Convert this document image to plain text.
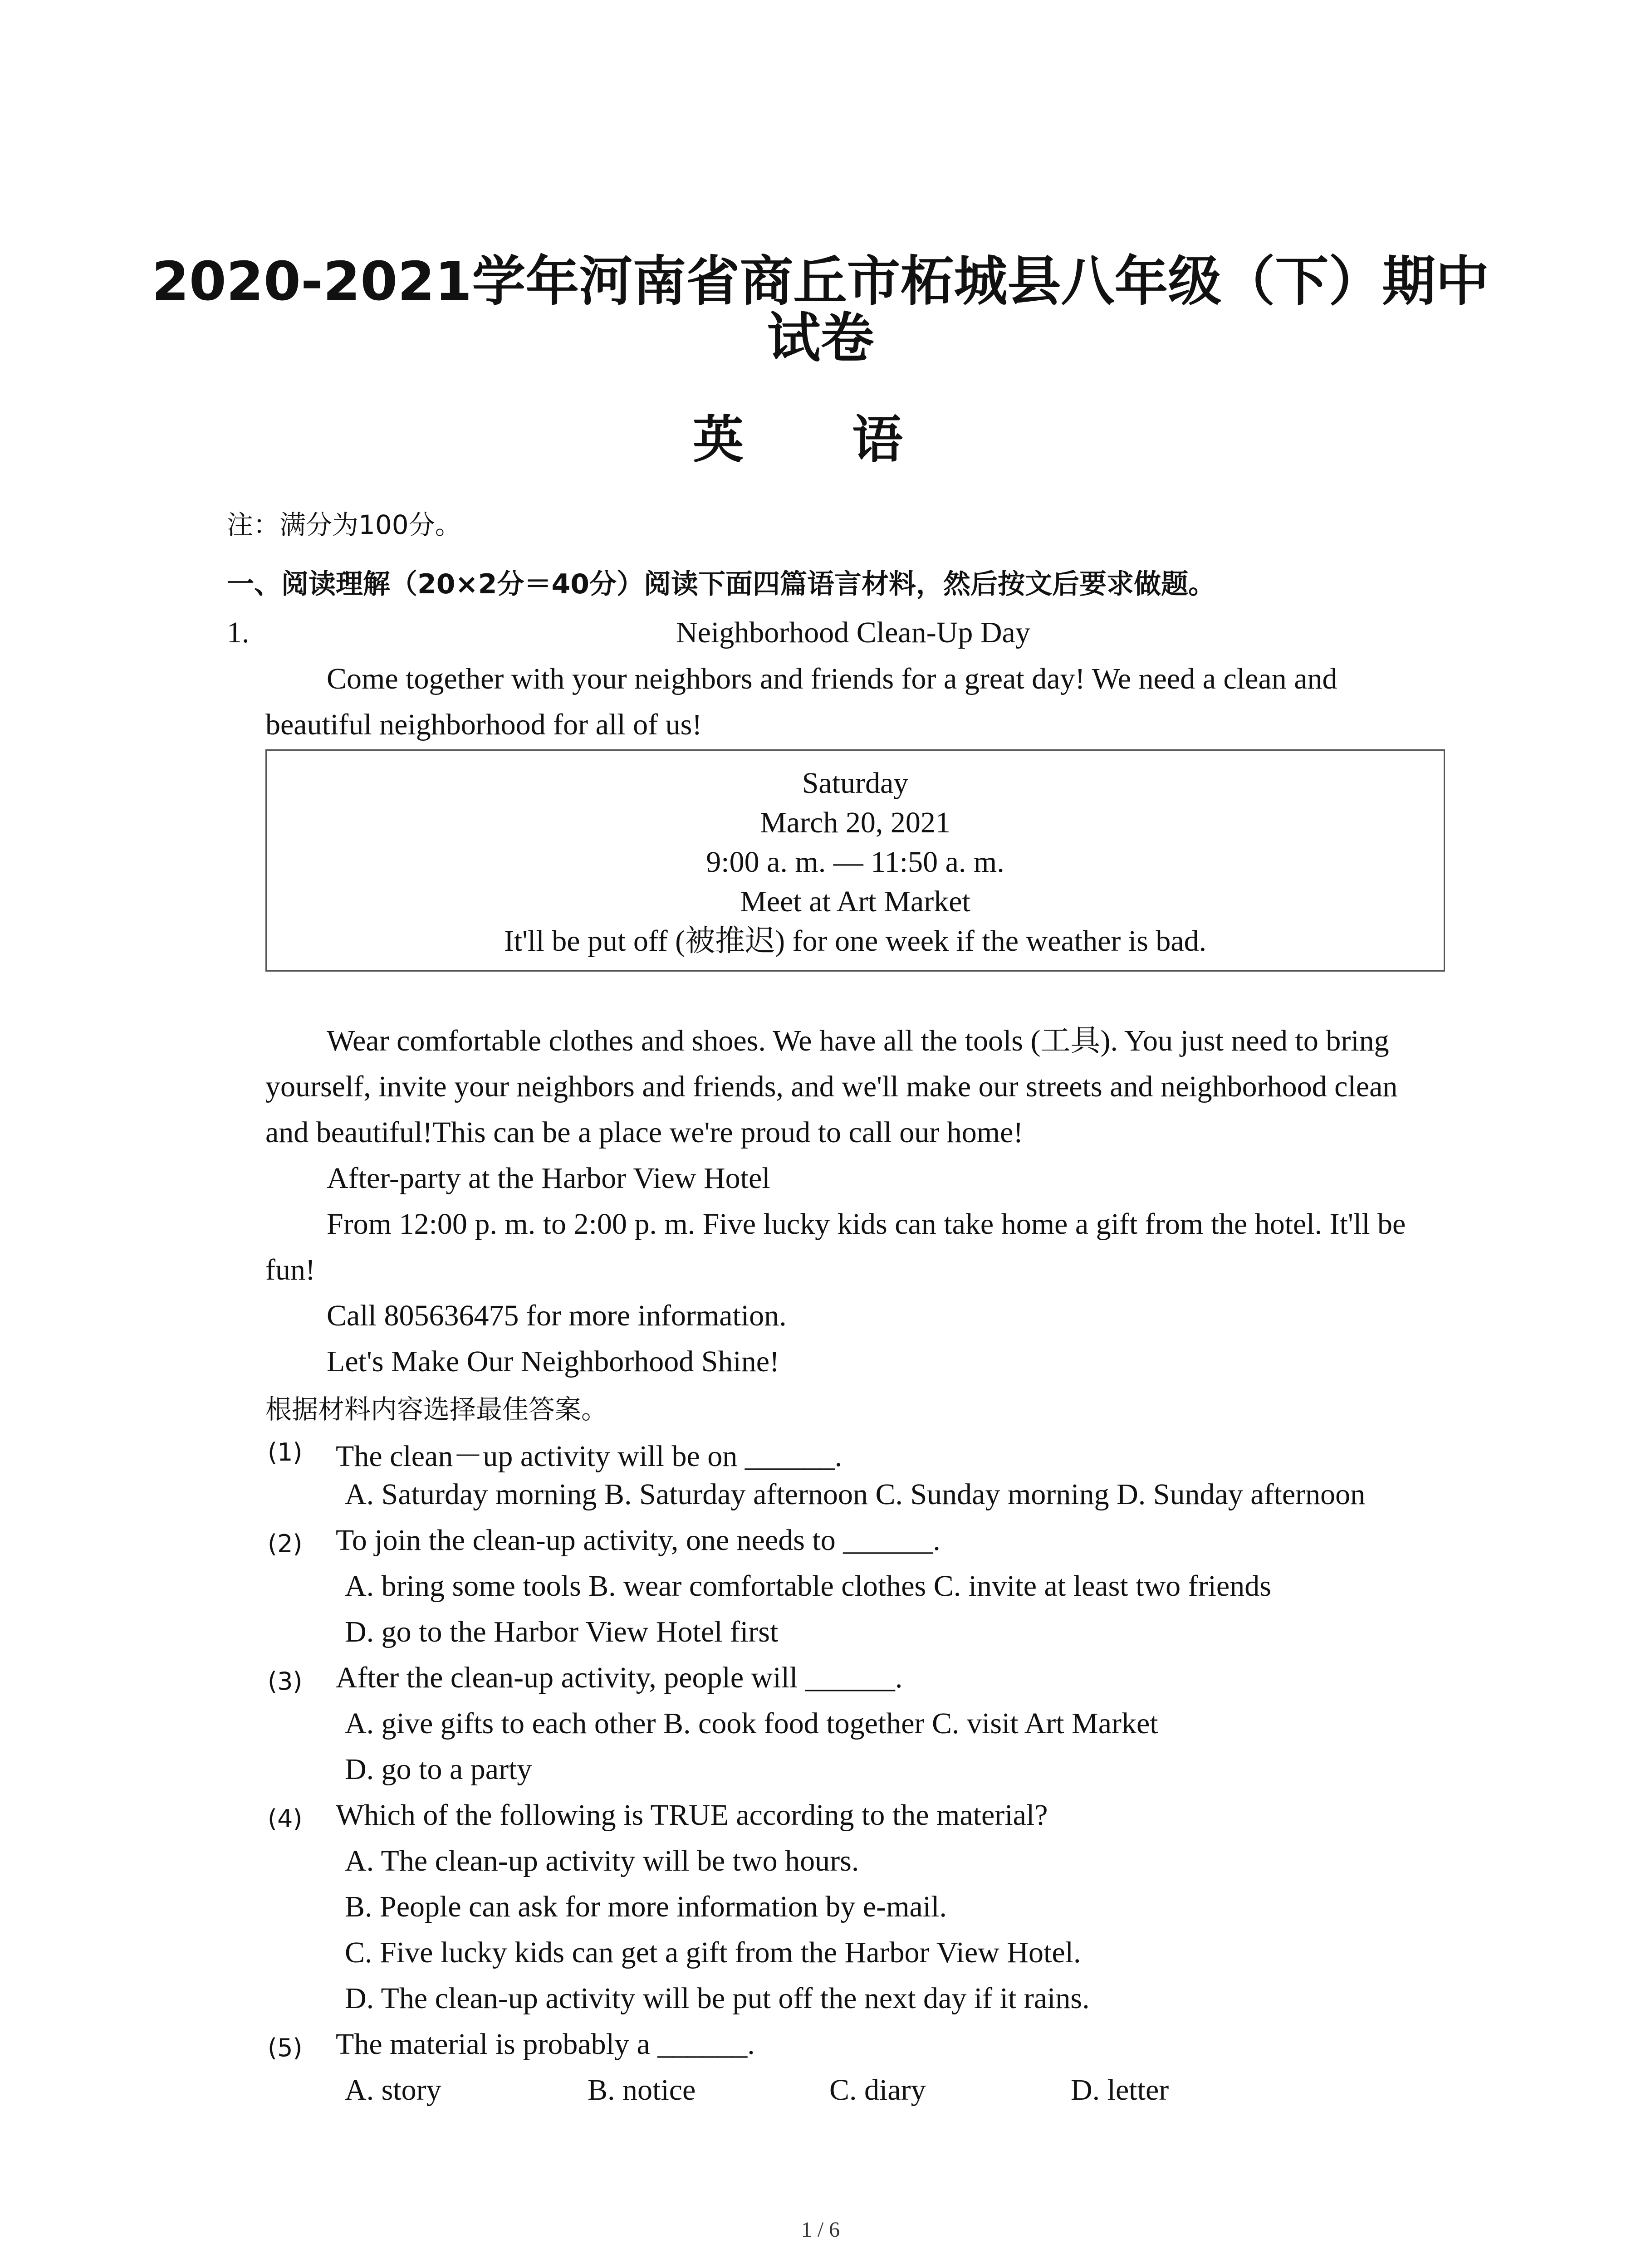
2020-2021学年河南省商丘市柘城县八年级（下）期中
试卷
英 语
注：满分为100分。
一、阅读理解（20×2分＝40分）阅读下面四篇语言材料，然后按文后要求做题。
1.	Neighborhood Clean-Up Day
Come together with your neighbors and friends for a great day! We need a clean and
beautiful neighborhood for all of us!
Saturday
March 20, 2021
9:00 a. m. — 11:50 a. m.
Meet at Art Market
It'll be put off (被推迟) for one week if the weather is bad.
Wear comfortable clothes and shoes. We have all the tools (工具). You just need to bring
yourself, invite your neighbors and friends, and we'll make our streets and neighborhood clean
and beautiful!This can be a place we're proud to call our home!
After-party at the Harbor View Hotel
From 12:00 p. m. to 2:00 p. m. Five lucky kids can take home a gift from the hotel. It'll be
fun!
Call 805636475 for more information.
Let's Make Our Neighborhood Shine!
根据材料内容选择最佳答案。
(1) The clean－up activity will be on ______.
A. Saturday morning B. Saturday afternoon C. Sunday morning D. Sunday afternoon
(2) To join the clean-up activity, one needs to ______.
A. bring some tools B. wear comfortable clothes C. invite at least two friends
D. go to the Harbor View Hotel first
(3) After the clean-up activity, people will ______.
A. give gifts to each other B. cook food together C. visit Art Market
D. go to a party
(4) Which of the following is TRUE according to the material?
A. The clean-up activity will be two hours.
B. People can ask for more information by e-mail.
C. Five lucky kids can get a gift from the Harbor View Hotel.
D. The clean-up activity will be put off the next day if it rains.
(5) The material is probably a ______.
A. story	B. notice	C. diary	D. letter
1 / 6
